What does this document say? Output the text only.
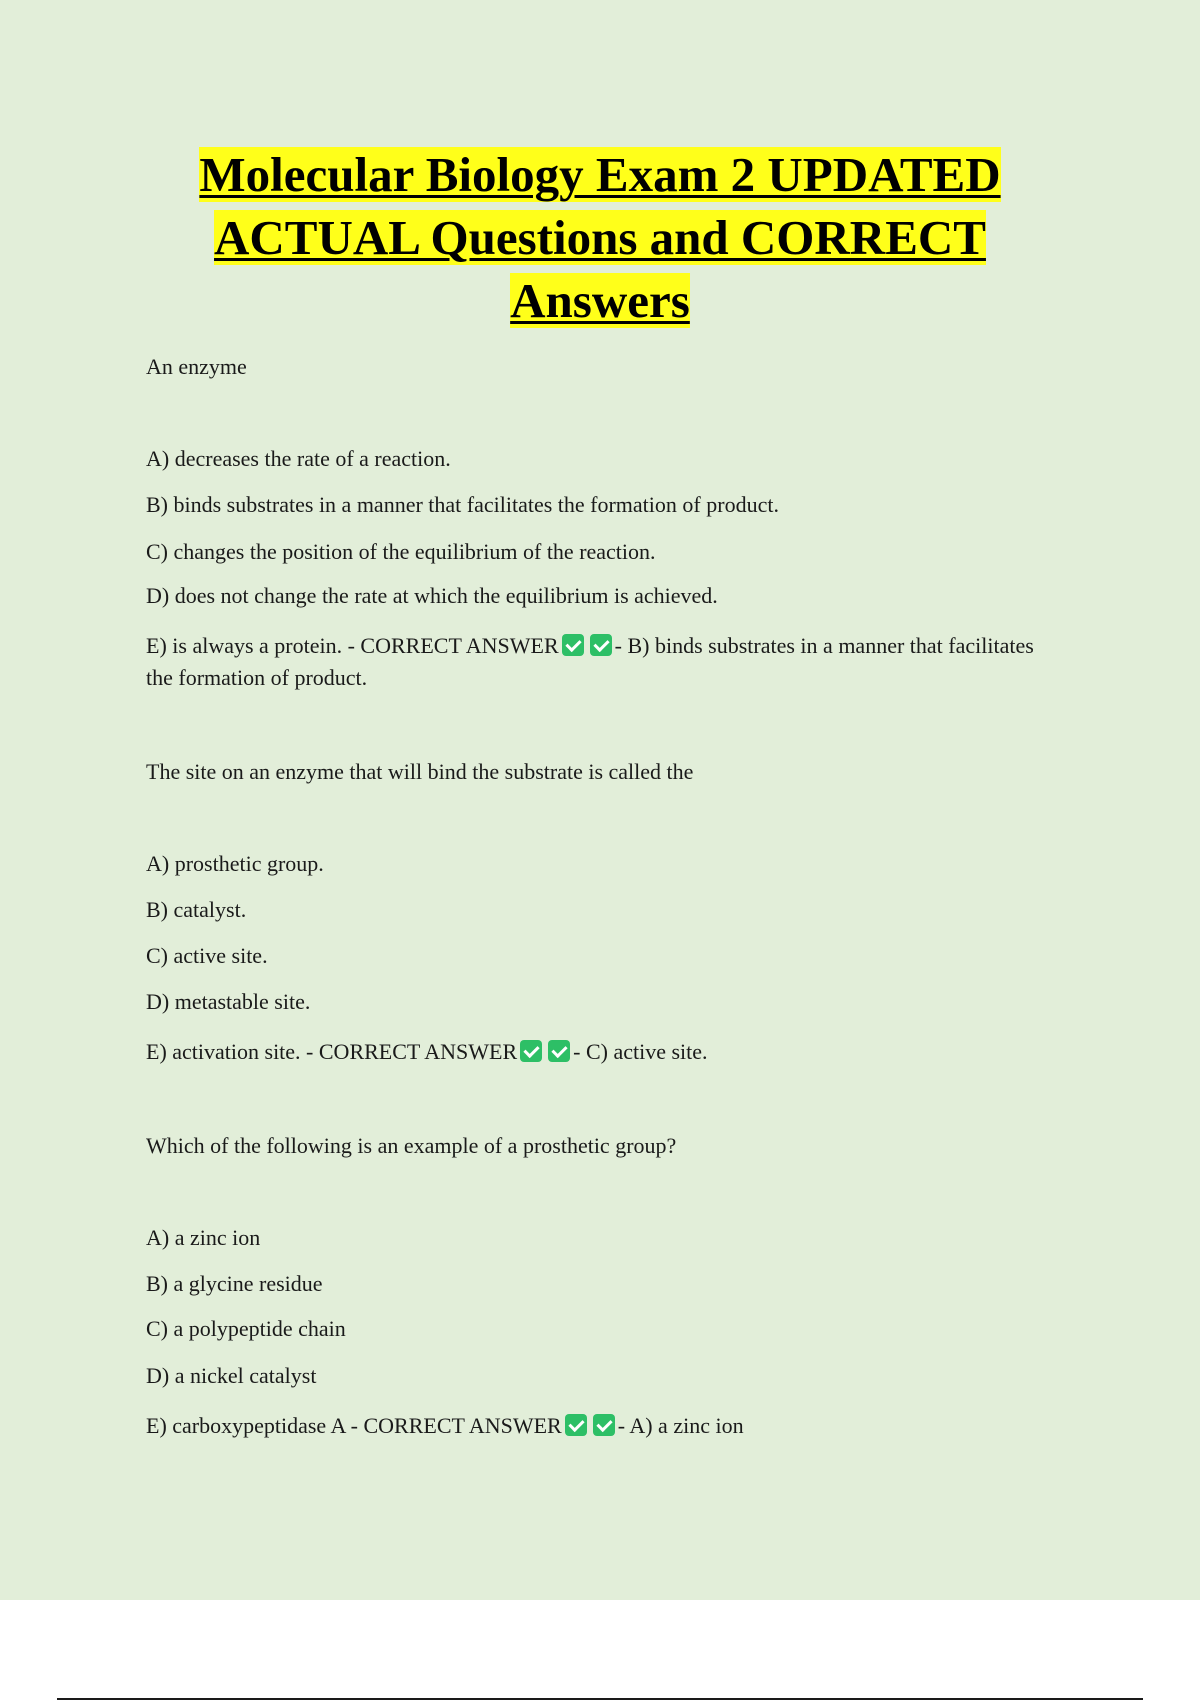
Molecular Biology Exam 2 UPDATED
ACTUAL Questions and CORRECT
Answers
An enzyme
A) decreases the rate of a reaction.
B) binds substrates in a manner that facilitates the formation of product.
C) changes the position of the equilibrium of the reaction.
D) does not change the rate at which the equilibrium is achieved.
E) is always a protein. - CORRECT ANSWER	- B) binds substrates in a manner that facilitates the formation of product.
The site on an enzyme that will bind the substrate is called the
A) prosthetic group.
B) catalyst.
C) active site.
D) metastable site.
E) activation site. - CORRECT ANSWER	- C) active site.
Which of the following is an example of a prosthetic group?
A) a zinc ion
B) a glycine residue
C) a polypeptide chain
D) a nickel catalyst
E) carboxypeptidase A - CORRECT ANSWER	- A) a zinc ion
